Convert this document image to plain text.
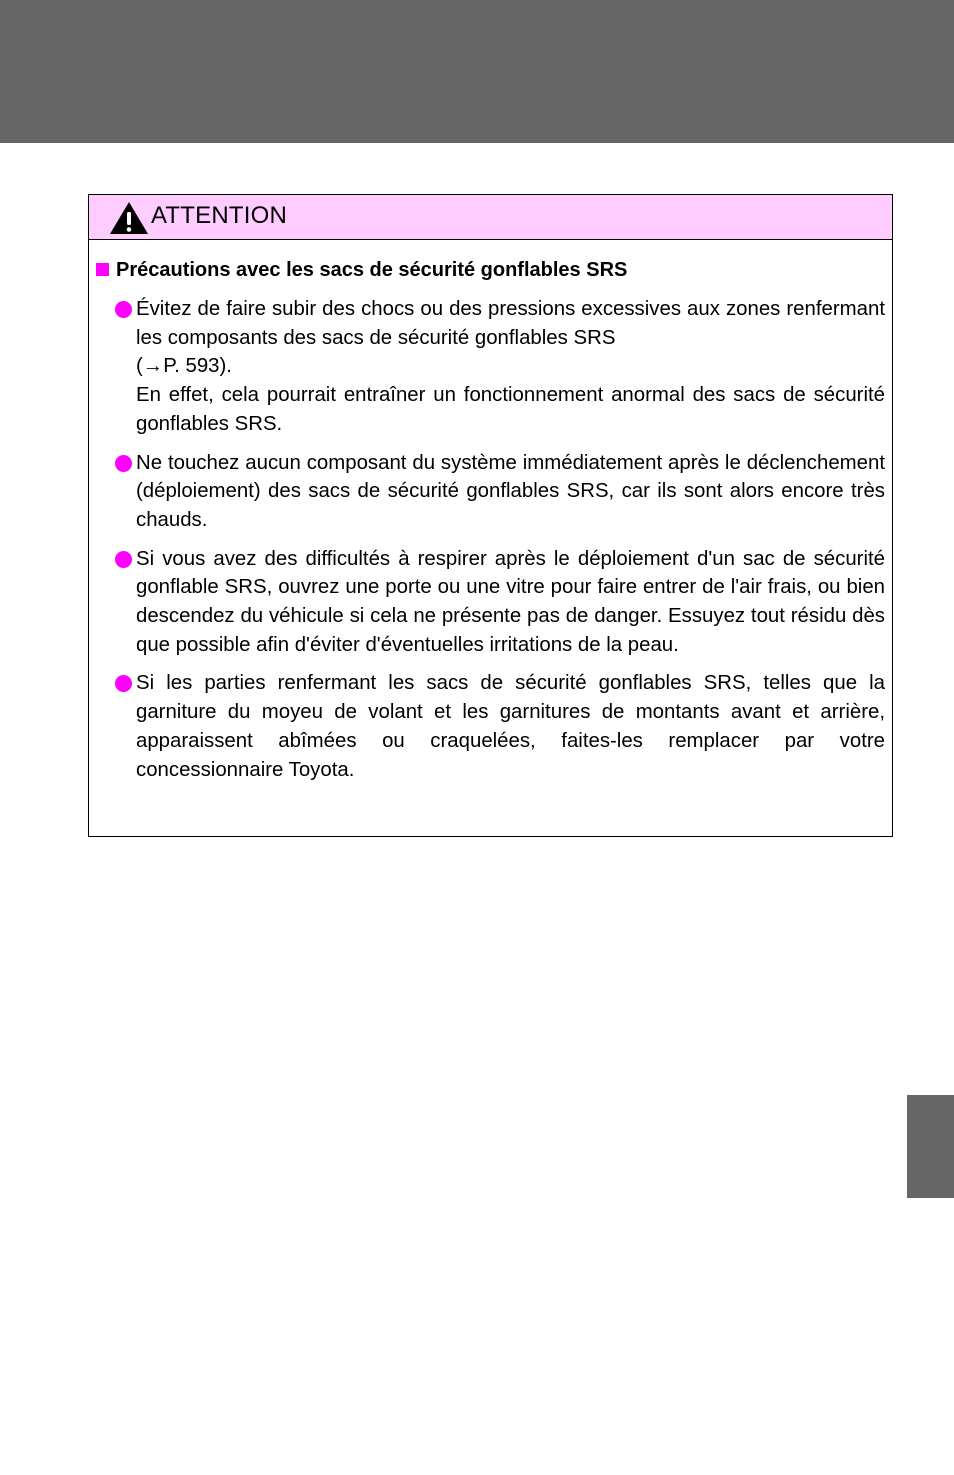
ATTENTION
Précautions avec les sacs de sécurité gonflables SRS

Évitez de faire subir des chocs ou des pressions excessives aux zones renfermant les composants des sacs de sécurité gonflables SRS
(→P. 593).

En effet, cela pourrait entraîner un fonctionnement anormal des sacs de sécurité gonflables SRS.

Ne touchez aucun composant du système immédiatement après le déclenchement (déploiement) des sacs de sécurité gonflables SRS, car ils sont alors encore très chauds.

Si vous avez des difficultés à respirer après le déploiement d'un sac de sécurité gonflable SRS, ouvrez une porte ou une vitre pour faire entrer de l'air frais, ou bien descendez du véhicule si cela ne présente pas de danger. Essuyez tout résidu dès que possible afin d'éviter d'éventuelles irritations de la peau.

Si les parties renfermant les sacs de sécurité gonflables SRS, telles que la garniture du moyeu de volant et les garnitures de montants avant et arrière, apparaissent abîmées ou craquelées, faites-les remplacer par votre concessionnaire Toyota.
